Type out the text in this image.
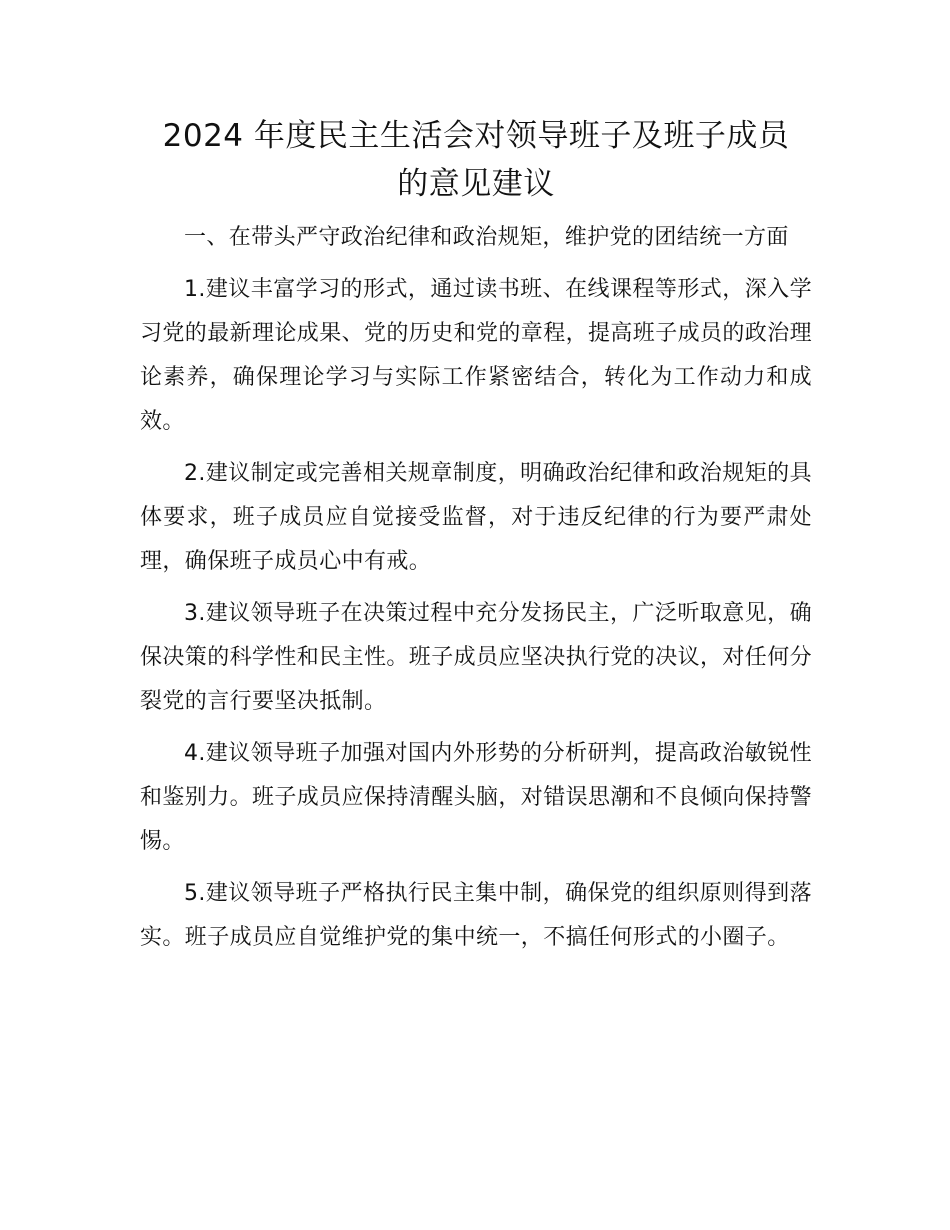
2024 年度民主生活会对领导班子及班子成员
的意见建议

一、在带头严守政治纪律和政治规矩，维护党的团结统一方面

1.建议丰富学习的形式，通过读书班、在线课程等形式，深入学习党的最新理论成果、党的历史和党的章程，提高班子成员的政治理论素养，确保理论学习与实际工作紧密结合，转化为工作动力和成效。

2.建议制定或完善相关规章制度，明确政治纪律和政治规矩的具体要求，班子成员应自觉接受监督，对于违反纪律的行为要严肃处理，确保班子成员心中有戒。

3.建议领导班子在决策过程中充分发扬民主，广泛听取意见，确保决策的科学性和民主性。班子成员应坚决执行党的决议，对任何分裂党的言行要坚决抵制。

4.建议领导班子加强对国内外形势的分析研判，提高政治敏锐性和鉴别力。班子成员应保持清醒头脑，对错误思潮和不良倾向保持警惕。

5.建议领导班子严格执行民主集中制，确保党的组织原则得到落实。班子成员应自觉维护党的集中统一，不搞任何形式的小圈子。
